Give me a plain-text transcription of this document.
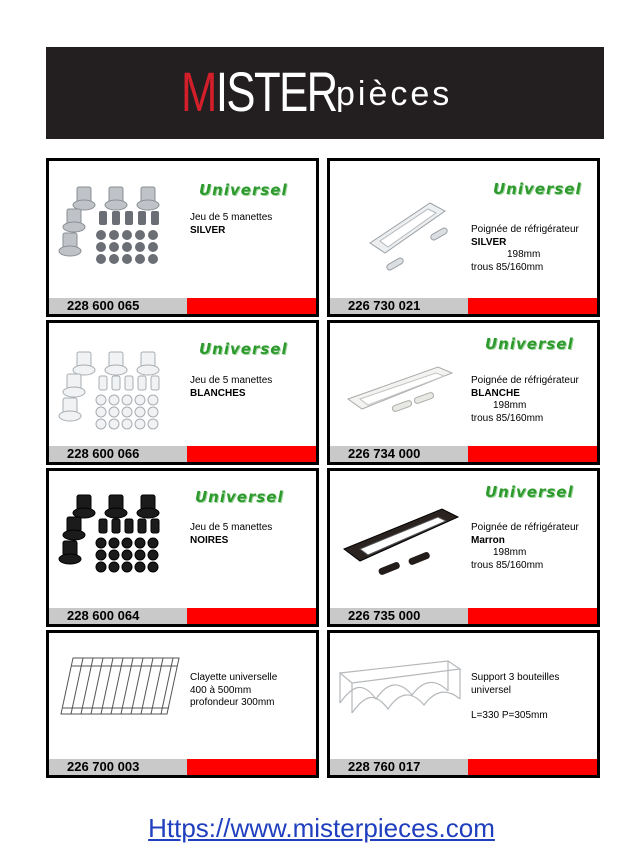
MISTER pièces
Universel
Jeu de 5 manettes
SILVER
228 600 065
Universel
Poignée de réfrigérateur
SILVER
198mm
trous 85/160mm
226 730 021
Universel
Jeu de 5 manettes
BLANCHES
228 600 066
Universel
Poignée de réfrigérateur
BLANCHE
198mm
trous 85/160mm
226 734 000
Universel
Jeu de 5 manettes
NOIRES
228 600 064
Universel
Poignée de réfrigérateur
Marron
198mm
trous 85/160mm
226 735 000
Clayette universelle
400 à 500mm
profondeur 300mm
226 700 003
Support 3 bouteilles
universel
L=330 P=305mm
228 760 017
Https://www.misterpieces.com
